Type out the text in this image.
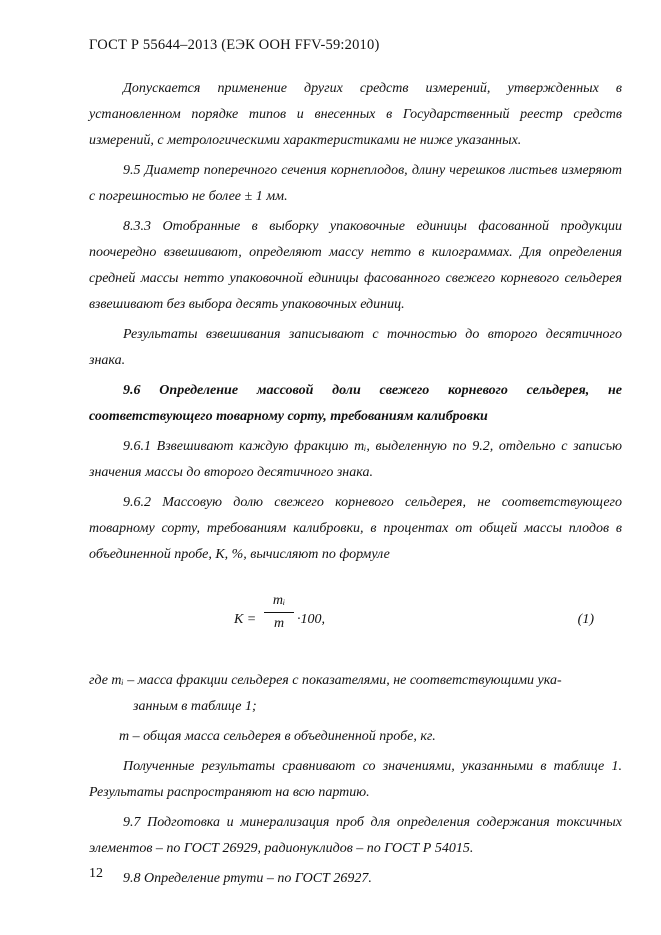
ГОСТ Р 55644–2013 (ЕЭК ООН FFV-59:2010)

Допускается применение других средств измерений, утвержденных в установленном порядке типов и внесенных в Государственный реестр средств измерений, с метрологическими характеристиками не ниже указанных.

9.5 Диаметр поперечного сечения корнеплодов, длину черешков листьев измеряют с погрешностью не более ± 1 мм.

8.3.3 Отобранные в выборку упаковочные единицы фасованной продукции поочередно взвешивают, определяют массу нетто в килограммах. Для определения средней массы нетто упаковочной единицы фасованного свежего корневого сельдерея взвешивают без выбора десять упаковочных единиц.

Результаты взвешивания записывают с точностью до второго десятичного знака.

9.6 Определение массовой доли свежего корневого сельдерея, не соответствующего товарному сорту, требованиям калибровки

9.6.1 Взвешивают каждую фракцию mᵢ, выделенную по 9.2, отдельно с записью значения массы до второго десятичного знака.

9.6.2 Массовую долю свежего корневого сельдерея, не соответствующего товарному сорту, требованиям калибровки, в процентах от общей массы плодов в объединенной пробе, К, %, вычисляют по формуле

К =
mᵢ
m ·100,	(1)

где mᵢ – масса фракции сельдерея с показателями, не соответствующими ука-

занным в таблице 1;

m – общая масса сельдерея в объединенной пробе, кг.

Полученные результаты сравнивают со значениями, указанными в таблице 1. Результаты распространяют на всю партию.

9.7 Подготовка и минерализация проб для определения содержания токсичных элементов – по ГОСТ 26929, радионуклидов – по ГОСТ Р 54015.

9.8 Определение ртути – по ГОСТ 26927.

12
